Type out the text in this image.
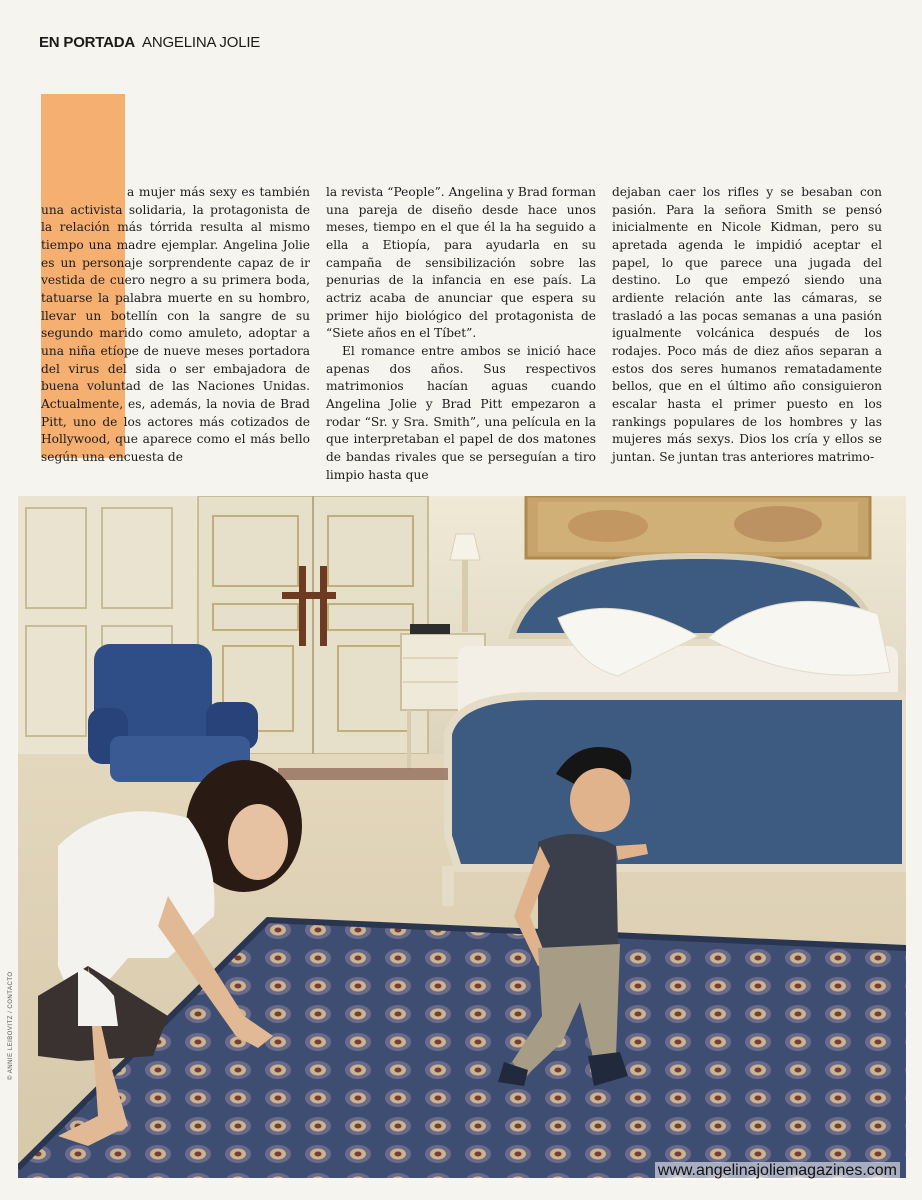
EN PORTADA ANGELINA JOLIE

a mujer más sexy es también una activista solidaria, la protagonista de la relación más tórrida resulta al mismo tiempo una madre ejemplar. Angelina Jolie es un personaje sorprendente capaz de ir vestida de cuero negro a su primera boda, tatuarse la palabra muerte en su hombro, llevar un botellín con la sangre de su segundo marido como amuleto, adoptar a una niña etíope de nueve meses portadora del virus del sida o ser embajadora de buena voluntad de las Naciones Unidas. Actualmente, es, además, la novia de Brad Pitt, uno de los actores más cotizados de Hollywood, que aparece como el más bello según una encuesta de

la revista “People”. Angelina y Brad forman una pareja de diseño desde hace unos meses, tiempo en el que él la ha seguido a ella a Etiopía, para ayudarla en su campaña de sensibilización sobre las penurias de la infancia en ese país. La actriz acaba de anunciar que espera su primer hijo biológico del protagonista de “Siete años en el Tíbet”.

El romance entre ambos se inició hace apenas dos años. Sus respectivos matrimonios hacían aguas cuando Angelina Jolie y Brad Pitt empezaron a rodar “Sr. y Sra. Smith”, una película en la que interpretaban el papel de dos matones de bandas rivales que se perseguían a tiro limpio hasta que

dejaban caer los rifles y se besaban con pasión. Para la señora Smith se pensó inicialmente en Nicole Kidman, pero su apretada agenda le impidió aceptar el papel, lo que parece una jugada del destino. Lo que empezó siendo una ardiente relación ante las cámaras, se trasladó a las pocas semanas a una pasión igualmente volcánica después de los rodajes. Poco más de diez años separan a estos dos seres humanos rematadamente bellos, que en el último año consiguieron escalar hasta el primer puesto en los rankings populares de los hombres y las mujeres más sexys. Dios los cría y ellos se juntan. Se juntan tras anteriores matrimo-

© ANNIE LEIBOVITZ / CONTACTO
www.angelinajoliemagazines.com
